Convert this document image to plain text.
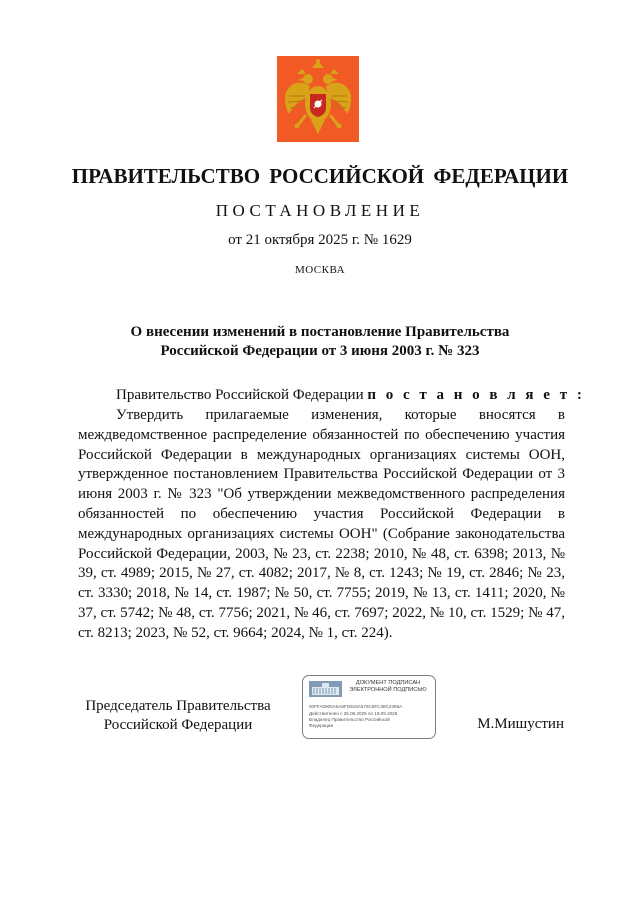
ПРАВИТЕЛЬСТВО РОССИЙСКОЙ ФЕДЕРАЦИИ
ПОСТАНОВЛЕНИЕ
от 21 октября 2025 г. № 1629
МОСКВА
О внесении изменений в постановление Правительства
Российской Федерации от 3 июня 2003 г. № 323
Правительство Российской Федерации п о с т а н о в л я е т :

Утвердить прилагаемые изменения, которые вносятся в междведомственное распределение обязанностей по обеспечению участия Российской Федерации в международных организациях системы ООН, утвержденное постановлением Правительства Российской Федерации от 3 июня 2003 г. № 323 "Об утверждении межведомственного распределения обязанностей по обеспечению участия Российской Федерации в международных организациях системы ООН" (Собрание законодательства Российской Федерации, 2003, № 23, ст. 2238; 2010, № 48, ст. 6398; 2013, № 39, ст. 4989; 2015, № 27, ст. 4082; 2017, № 8, ст. 1243; № 19, ст. 2846; № 23, ст. 3330; 2018, № 14, ст. 1987; № 50, ст. 7755; 2019, № 13, ст. 1411; 2020, № 37, ст. 5742; № 48, ст. 7756; 2021, № 46, ст. 7697; 2022, № 10, ст. 1529; № 47, ст. 8213; 2023, № 52, ст. 9664; 2024, № 1, ст. 224).

Председатель Правительства
Российской Федерации
ДОКУМЕНТ ПОДПИСАН
ЭЛЕКТРОННОЙ ПОДПИСЬЮ
00FFA0905A5A6FD615A576C5FC38C2365A
Действителен с 26.06.2025 по 19.09.2026
Владелец Правительство Российской
Федерации	М.Мишустин
